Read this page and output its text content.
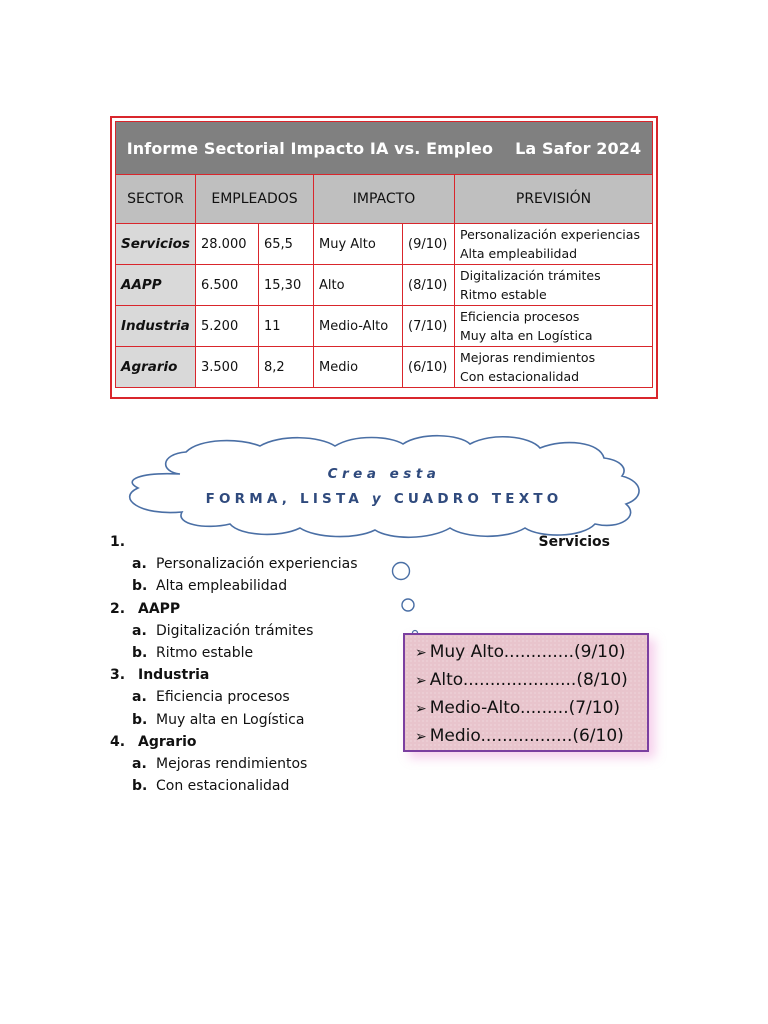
Informe Sectorial Impacto IA vs. Empleo La Safor 2024					
SECTOR	EMPLEADOS		IMPACTO		PREVISIÓN
Servicios	28.000	65,5	Muy Alto	(9/10)	Personalización experiencias
Alta empleabilidad

AAPP	6.500	15,30	Alto	(8/10)	Digitalización trámites
Ritmo estable

Industria	5.200	11	Medio-Alto	(7/10)	Eficiencia procesos
Muy alta en Logística

Agrario	3.500	8,2	Medio	(6/10)	Mejoras rendimientos
Con estacionalidad
Crea esta
FORMA, LISTA y CUADRO TEXTO
1.	Servicios
a. Personalización experiencias
b. Alta empleabilidad
2. AAPP
a. Digitalización trámites
b. Ritmo estable
3. Industria
a. Eficiencia procesos
b. Muy alta en Logística
4. Agrario
a. Mejoras rendimientos
b. Con estacionalidad
➢ Muy Alto.............(9/10)
➢ Alto.....................(8/10)
➢ Medio-Alto.........(7/10)
➢ Medio.................(6/10)
